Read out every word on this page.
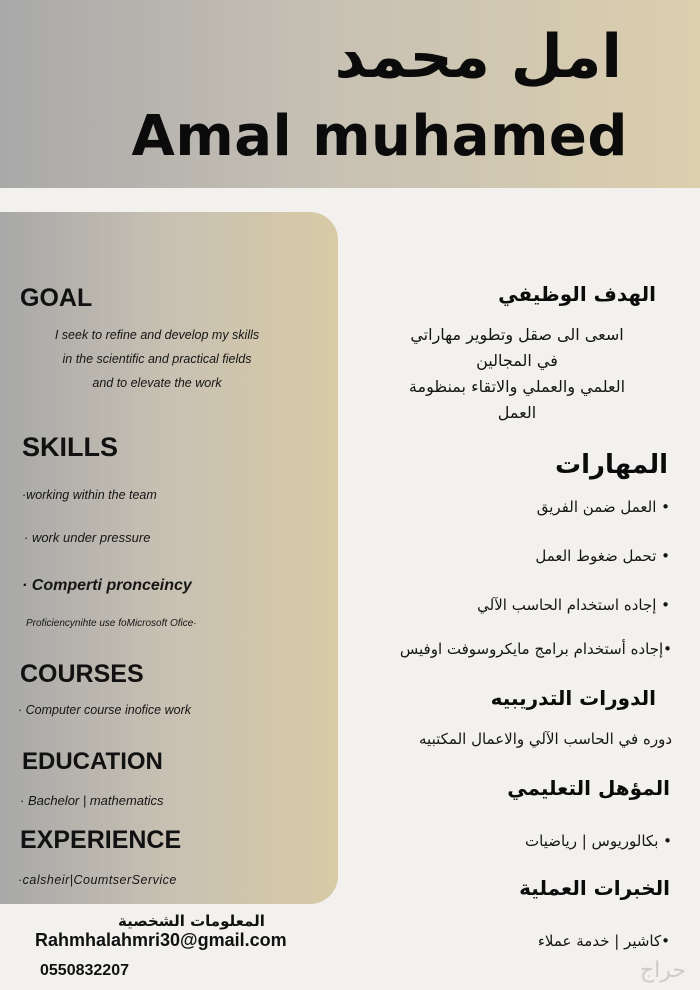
امل محمد
Amal muhamed
GOAL
I seek to refine and develop my skills
in the scientific and practical fields
and to elevate the work
SKILLS
·working within the team
· work under pressure
· Comperti pronceincy
Proficiencynihte use foMicrosoft Ofice·
COURSES
· Computer course inofice work
EDUCATION
· Bachelor | mathematics
EXPERIENCE
·calsheir|CoumtserService
الهدف الوظيفي
اسعى الى صقل وتطوير مهاراتي
في المجالين
العلمي والعملي والاتقاء بمنظومة
العمل
المهارات
• العمل ضمن الفريق
• تحمل ضغوط العمل
• إجاده استخدام الحاسب الآلي
•إجاده أستخدام برامج مايكروسوفت اوفيس
الدورات التدريبيه
دوره في الحاسب الآلي والاعمال المكتبيه
المؤهل التعليمي
• بكالوريوس | رياضيات
الخبرات العملية
•كاشير | خدمة عملاء
المعلومات الشخصية
Rahmhalahmri30@gmail.com
0550832207	حراج
